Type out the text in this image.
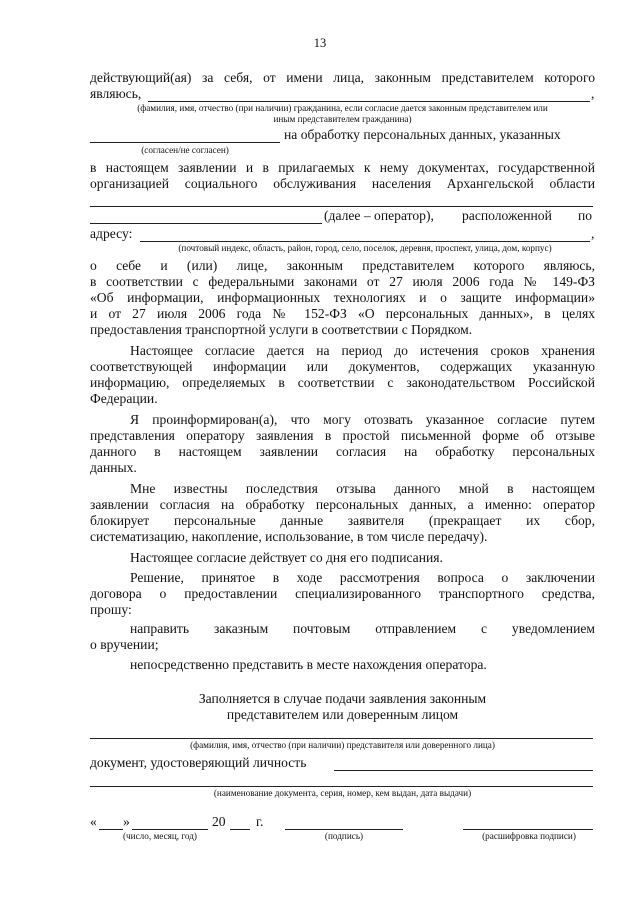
13
действующий(ая) за себя, от имени лица, законным представителем которого
являюсь,	,
(фамилия, имя, отчество (при наличии) гражданина, если согласие дается законным представителем или
иным представителем гражданина)
на обработку персональных данных, указанных
(согласен/не согласен)
в настоящем заявлении и в прилагаемых к нему документах, государственной
организацией социального обслуживания населения Архангельской области
(далее – оператор), расположенной по
адресу:	,
(почтовый индекс, область, район, город, село, поселок, деревня, проспект, улица, дом, корпус)
о себе и (или) лице, законным представителем которого являюсь,
в соответствии с федеральными законами от 27 июля 2006 года № 149-ФЗ
«Об информации, информационных технологиях и о защите информации»
и от 27 июля 2006 года № 152-ФЗ «О персональных данных», в целях
предоставления транспортной услуги в соответствии с Порядком.
Настоящее согласие дается на период до истечения сроков хранения
соответствующей информации или документов, содержащих указанную
информацию, определяемых в соответствии с законодательством Российской
Федерации.
Я проинформирован(а), что могу отозвать указанное согласие путем
представления оператору заявления в простой письменной форме об отзыве
данного в настоящем заявлении согласия на обработку персональных
данных.
Мне известны последствия отзыва данного мной в настоящем
заявлении согласия на обработку персональных данных, а именно: оператор
блокирует персональные данные заявителя (прекращает их сбор,
систематизацию, накопление, использование, в том числе передачу).
Настоящее согласие действует со дня его подписания.
Решение, принятое в ходе рассмотрения вопроса о заключении
договора о предоставлении специализированного транспортного средства,
прошу:
направить заказным почтовым отправлением с уведомлением
о вручении;
непосредственно представить в месте нахождения оператора.
Заполняется в случае подачи заявления законным
представителем или доверенным лицом
(фамилия, имя, отчество (при наличии) представителя или доверенного лица)
документ, удостоверяющий личность
(наименование документа, серия, номер, кем выдан, дата выдачи)
« »	20 г.
(число, месяц, год)	(подпись)	(расшифровка подписи)
